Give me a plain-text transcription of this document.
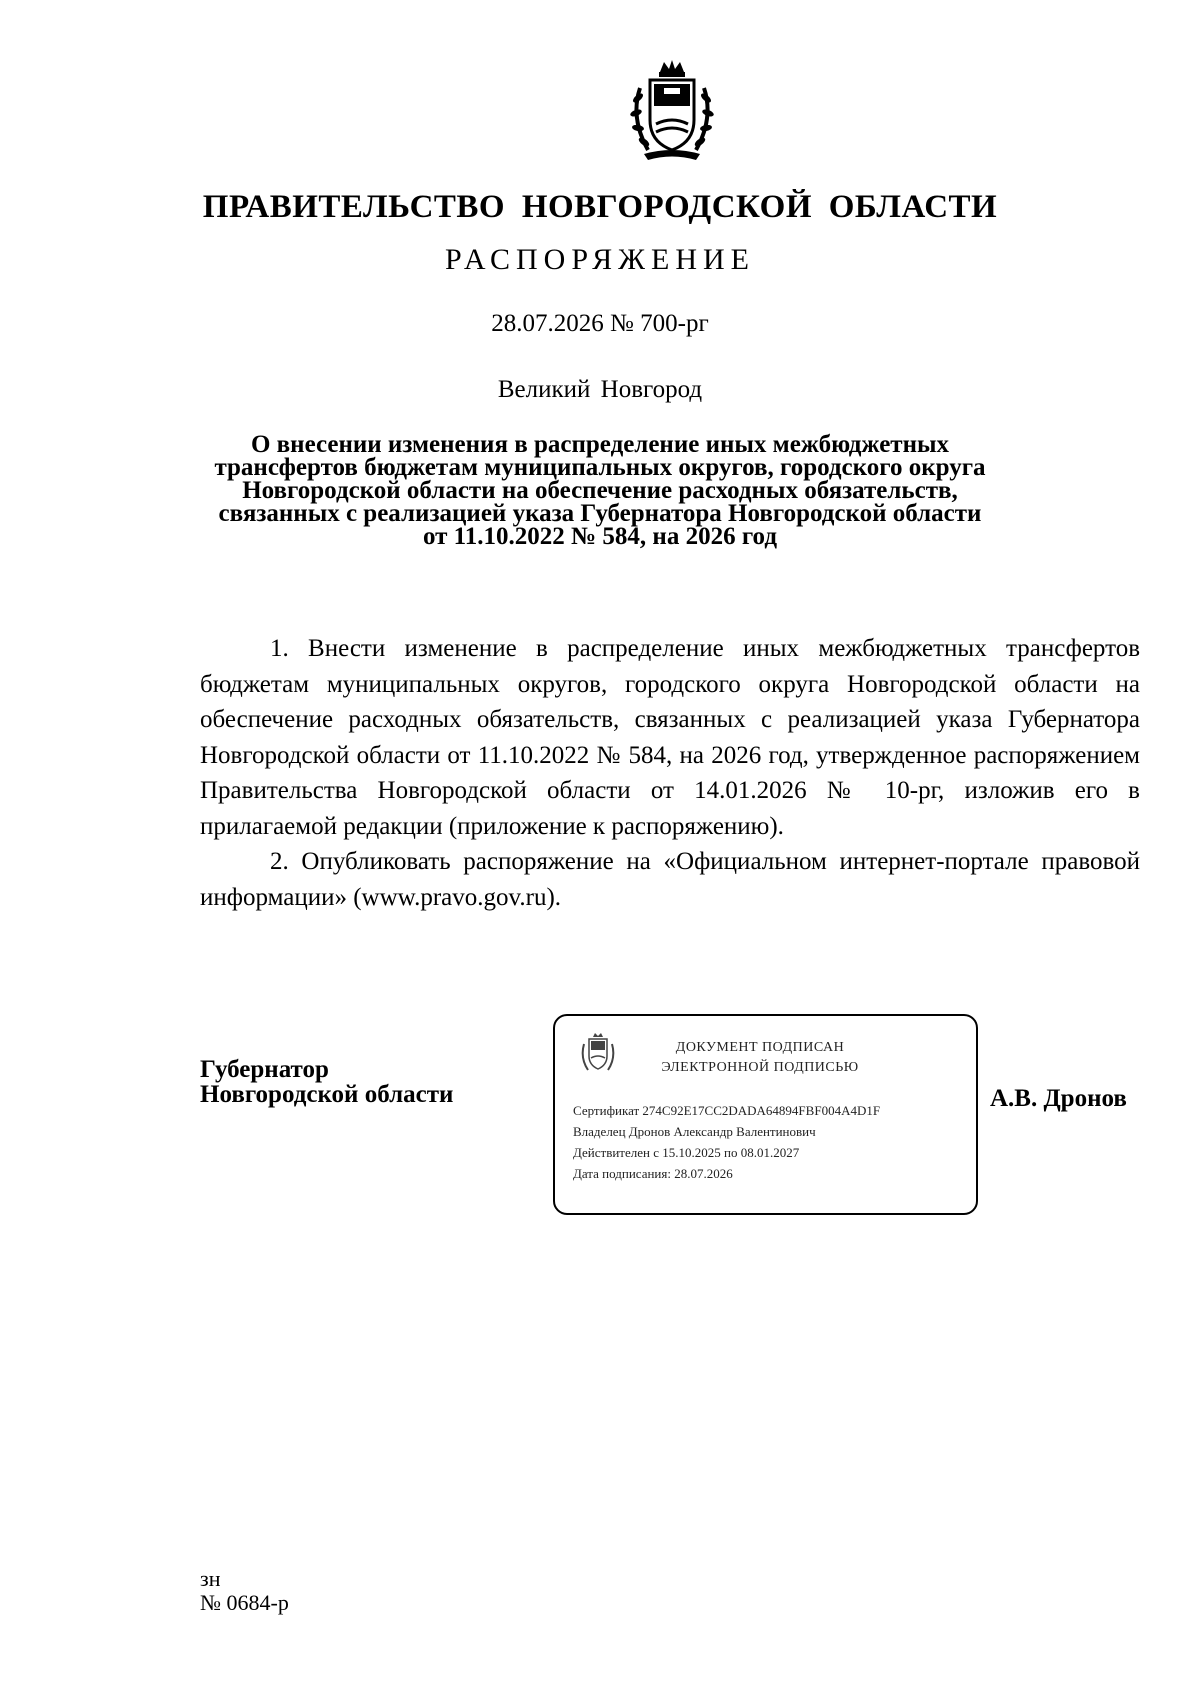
ПРАВИТЕЛЬСТВО НОВГОРОДСКОЙ ОБЛАСТИ
РАСПОРЯЖЕНИЕ
28.07.2026 № 700-рг
Великий Новгород
О внесении изменения в распределение иных межбюджетных
трансфертов бюджетам муниципальных округов, городского округа
Новгородской области на обеспечение расходных обязательств,
связанных с реализацией указа Губернатора Новгородской области
от 11.10.2022 № 584, на 2026 год

1. Внести изменение в распределение иных межбюджетных трансфертов бюджетам муниципальных округов, городского округа Новгородской области на обеспечение расходных обязательств, связанных с реализацией указа Губернатора Новгородской области от 11.10.2022 № 584, на 2026 год, утвержденное распоряжением Правительства Новгородской области от 14.01.2026 № 10-рг, изложив его в прилагаемой редакции (приложение к распоряжению).

2. Опубликовать распоряжение на «Официальном интернет-портале правовой информации» (www.pravo.gov.ru).

Губернатор
Новгородской области
ДОКУМЕНТ ПОДПИСАН
ЭЛЕКТРОННОЙ ПОДПИСЬЮ
Сертификат 274C92E17CC2DADA64894FBF004A4D1F
Владелец Дронов Александр Валентинович
Действителен с 15.10.2025 по 08.01.2027
Дата подписания: 28.07.2026
А.В. Дронов
зн
№ 0684-р
